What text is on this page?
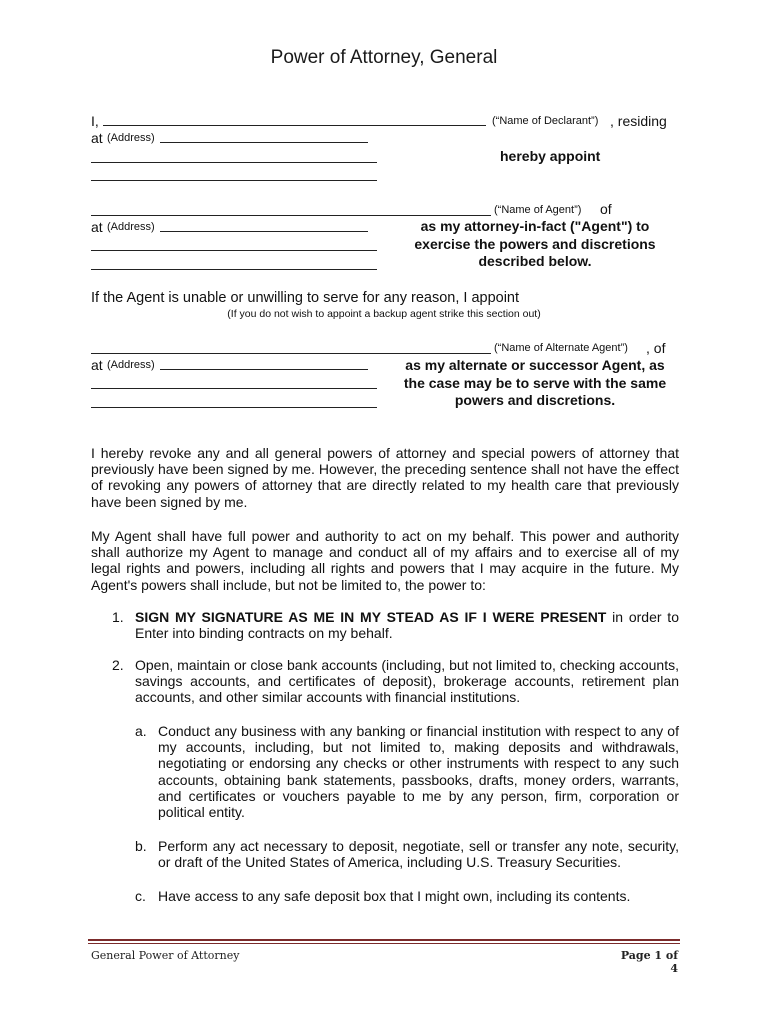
Power of Attorney, General
I,	(“Name of Declarant”) , residing
at (Address)
hereby appoint
(“Name of Agent”) of
at (Address)	as my attorney-in-fact ("Agent") to
exercise the powers and discretions
described below.
If the Agent is unable or unwilling to serve for any reason, I appoint
(If you do not wish to appoint a backup agent strike this section out)
(“Name of Alternate Agent”) , of
at (Address)	as my alternate or successor Agent, as
the case may be to serve with the same
powers and discretions.

I hereby revoke any and all general powers of attorney and special powers of attorney that previously have been signed by me. However, the preceding sentence shall not have the effect of revoking any powers of attorney that are directly related to my health care that previously have been signed by me.

My Agent shall have full power and authority to act on my behalf. This power and authority shall authorize my Agent to manage and conduct all of my affairs and to exercise all of my legal rights and powers, including all rights and powers that I may acquire in the future. My Agent's powers shall include, but not be limited to, the power to:

1. SIGN MY SIGNATURE AS ME IN MY STEAD AS IF I WERE PRESENT in order to Enter into binding contracts on my behalf.
2. Open, maintain or close bank accounts (including, but not limited to, checking accounts, savings accounts, and certificates of deposit), brokerage accounts, retirement plan accounts, and other similar accounts with financial institutions.
a. Conduct any business with any banking or financial institution with respect to any of my accounts, including, but not limited to, making deposits and withdrawals, negotiating or endorsing any checks or other instruments with respect to any such accounts, obtaining bank statements, passbooks, drafts, money orders, warrants, and certificates or vouchers payable to me by any person, firm, corporation or political entity.
b. Perform any act necessary to deposit, negotiate, sell or transfer any note, security, or draft of the United States of America, including U.S. Treasury Securities.
c. Have access to any safe deposit box that I might own, including its contents.
General Power of Attorney	Page 1 of 4
